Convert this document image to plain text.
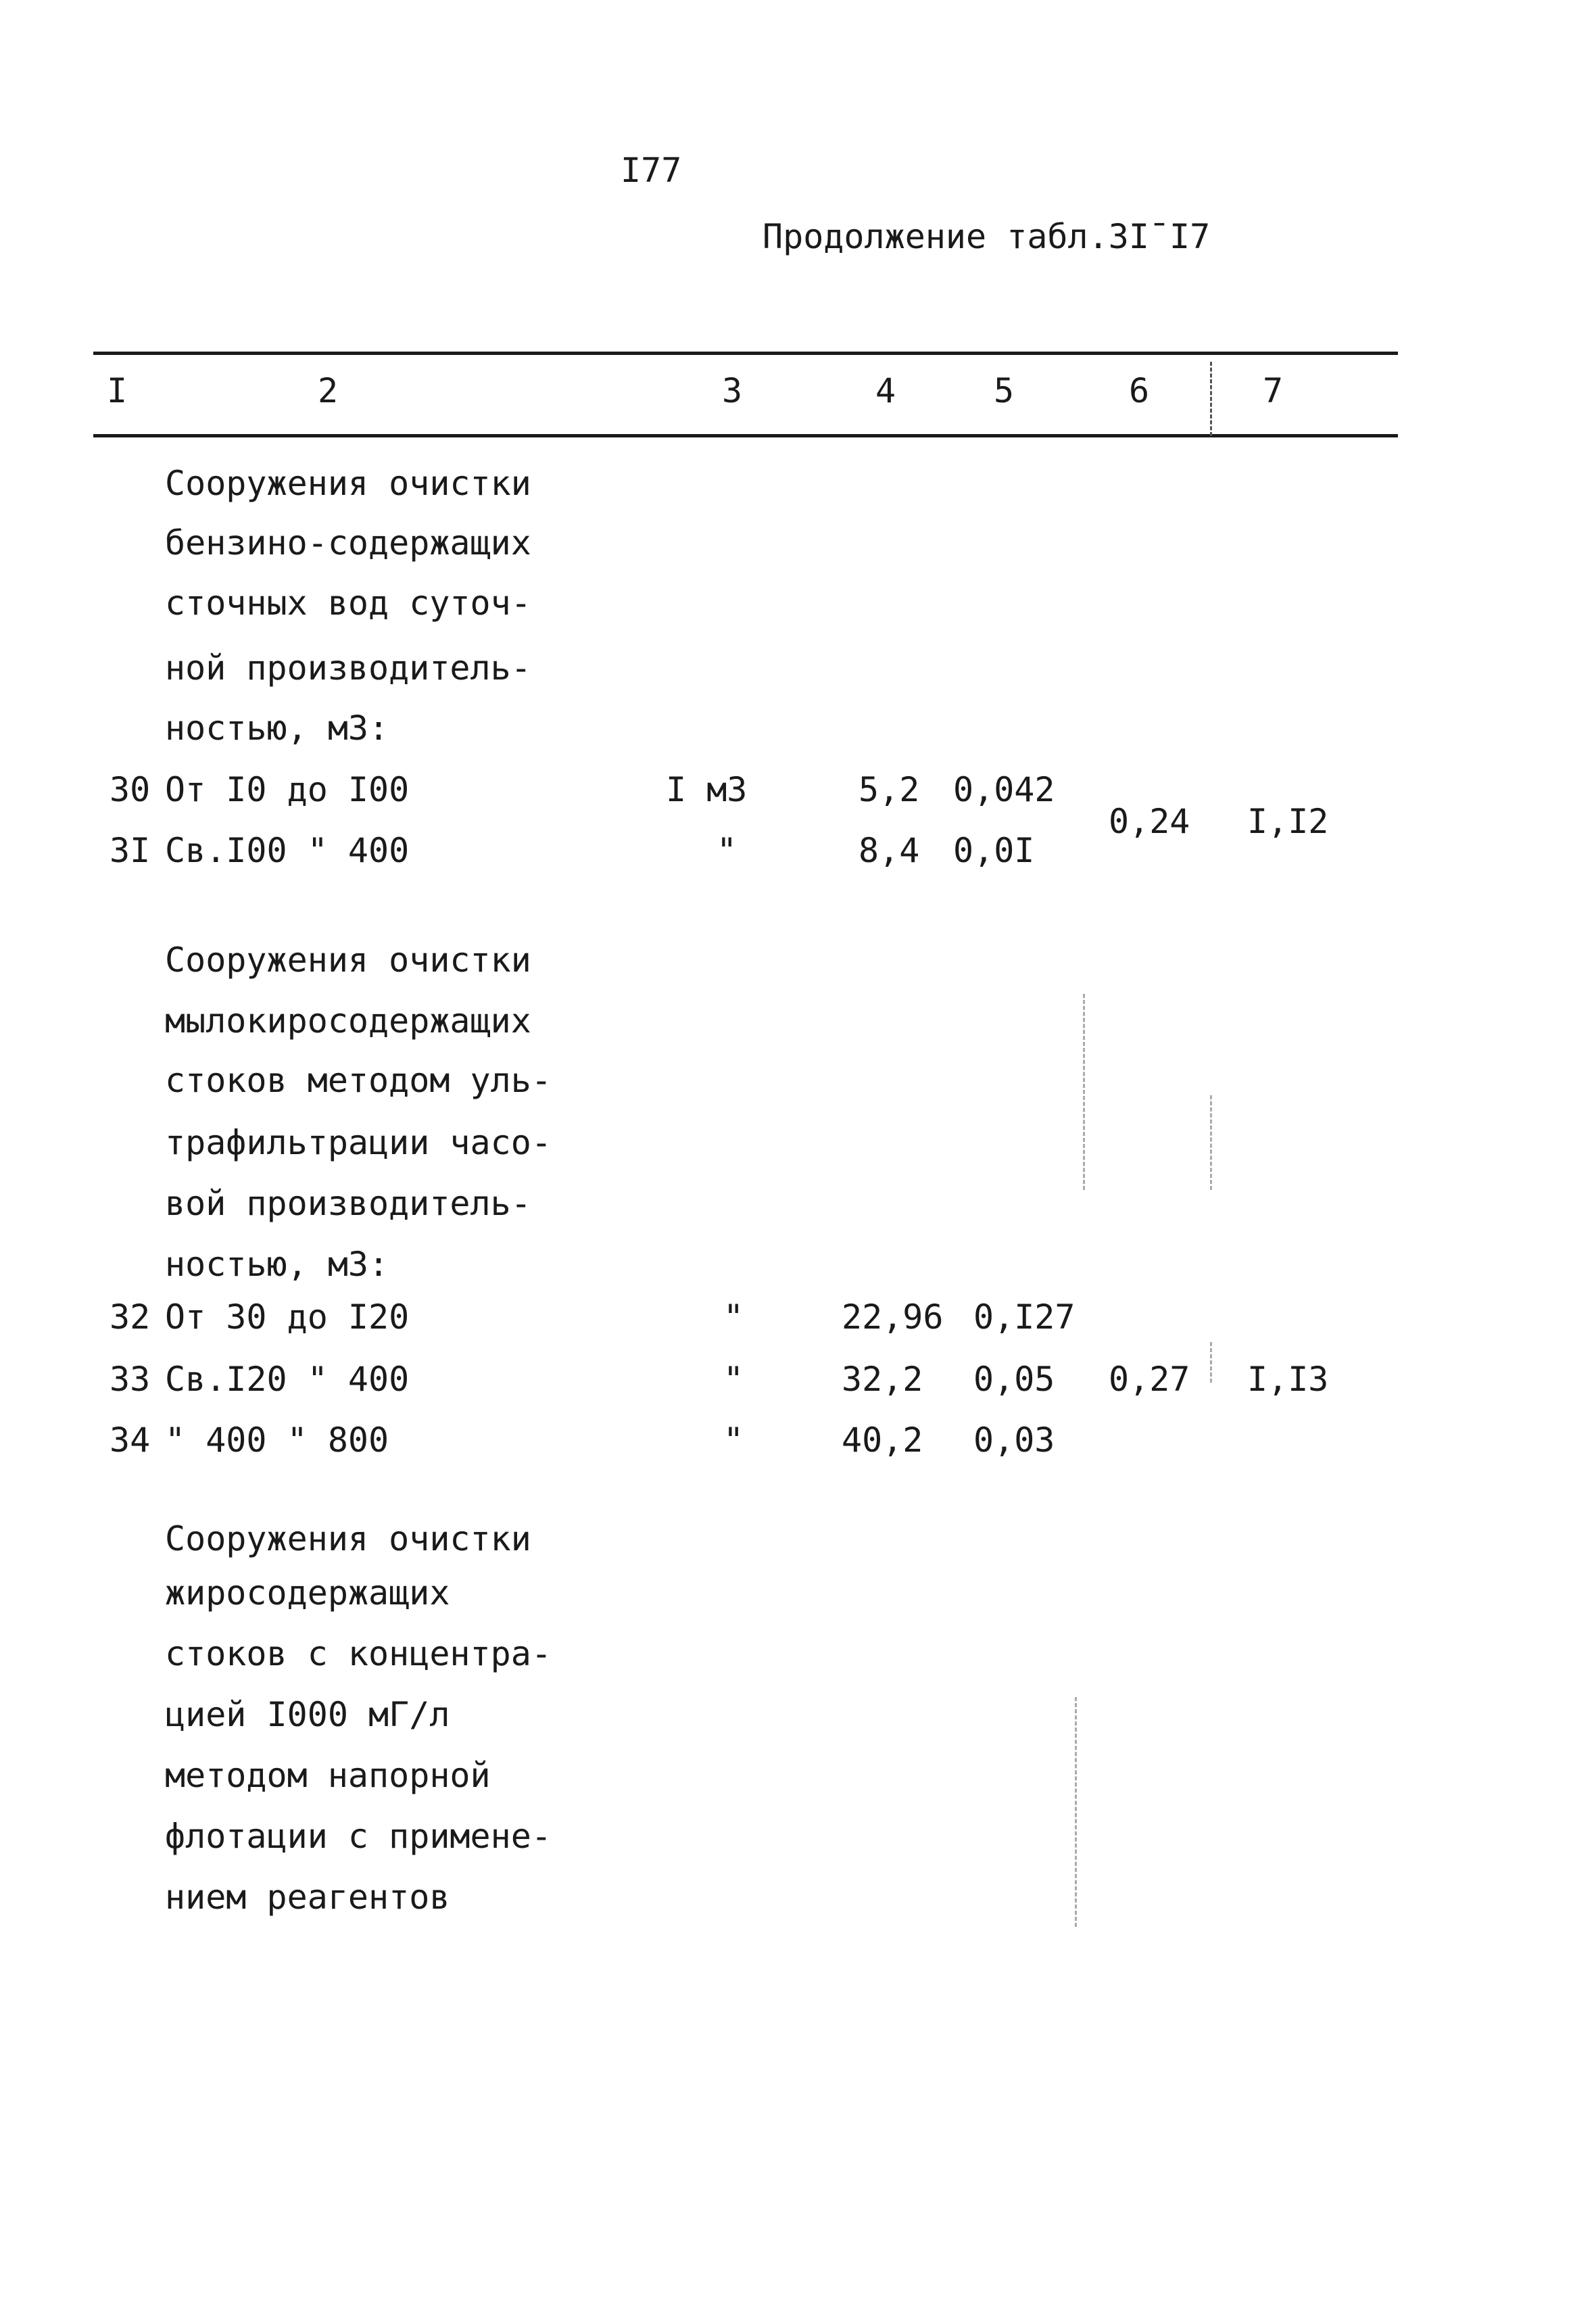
I77
Продолжение табл.3I¯I7
I	2	3	4	5	6	7
Сооружения очистки
бензино-содержащих
сточных вод суточ-
ной производитель-
ностью, м3:
30 От I0 до I00	I м3	5,2 0,042
3I Св.I00 " 400	"	8,4 0,0I
0,24 I,I2
Сооружения очистки
мылокиросодержащих
стоков методом уль-
трафильтрации часо-
вой производитель-
ностью, м3:
32 От 30 до I20	"	22,96 0,I27
33 Св.I20 " 400	"	32,2 0,05
34 " 400 " 800	"	40,2 0,03
0,27 I,I3
Сооружения очистки
жиросодержащих
стоков с концентра-
цией I000 мГ/л
методом напорной
флотации с примене-
нием реагентов
